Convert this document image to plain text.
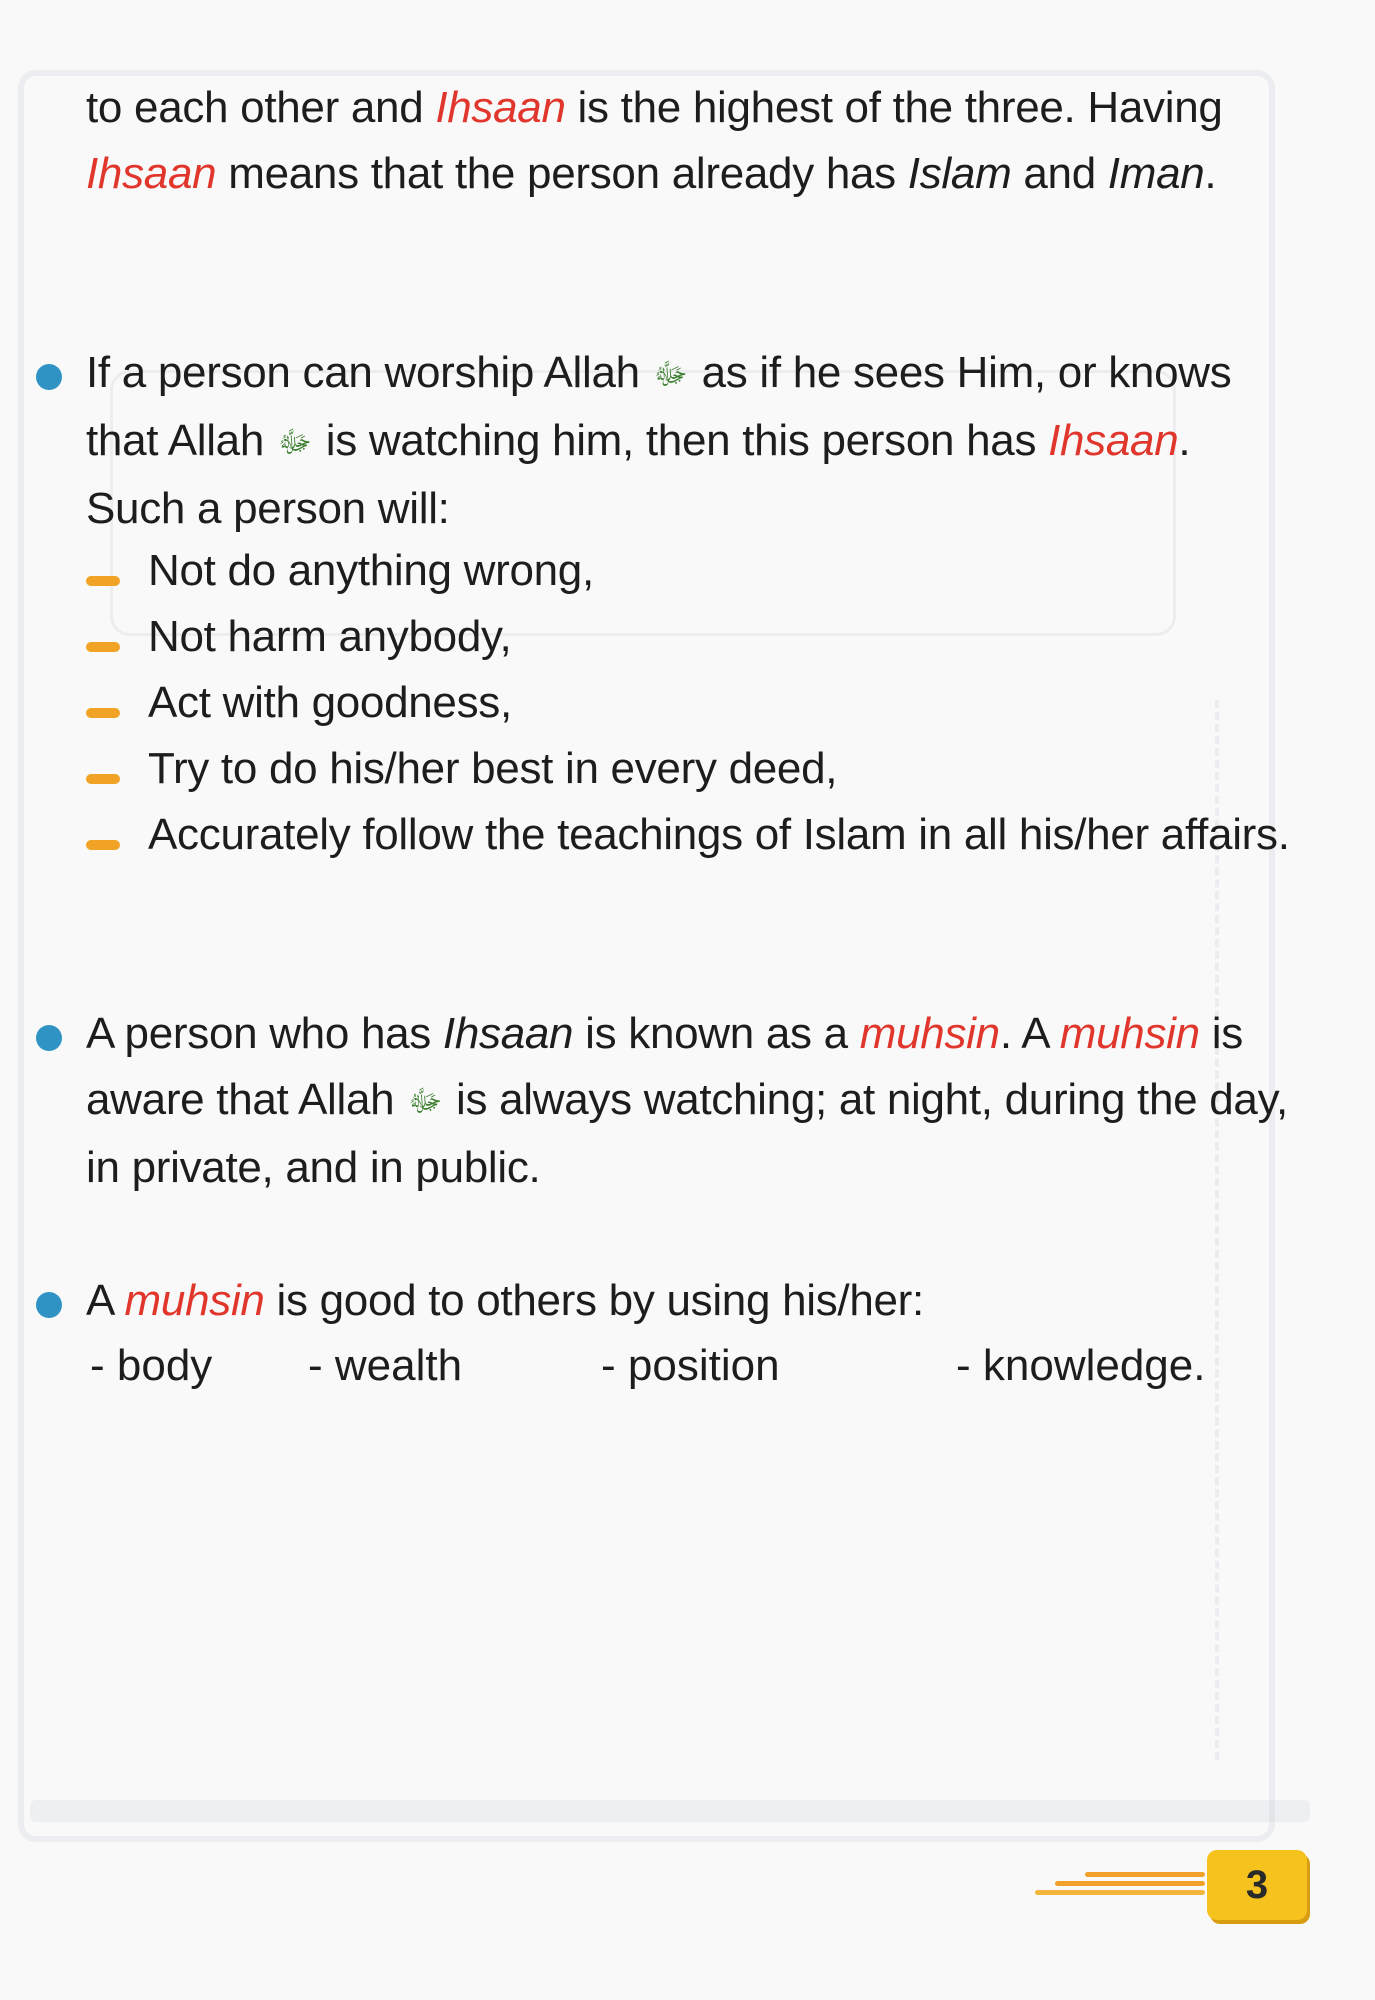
to each other and Ihsaan is the highest of the three. Having Ihsaan means that the person already has Islam and Iman.

If a person can worship Allah ﷻ as if he sees Him, or knows that Allah ﷻ is watching him, then this person has Ihsaan. Such a person will:

Not do anything wrong,
Not harm anybody,
Act with goodness,
Try to do his/her best in every deed,
Accurately follow the teachings of Islam in all his/her affairs.

A person who has Ihsaan is known as a muhsin. A muhsin is aware that Allah ﷻ is always watching; at night, during the day, in private, and in public.

A muhsin is good to others by using his/her:

- body - wealth	- position	- knowledge.
3
